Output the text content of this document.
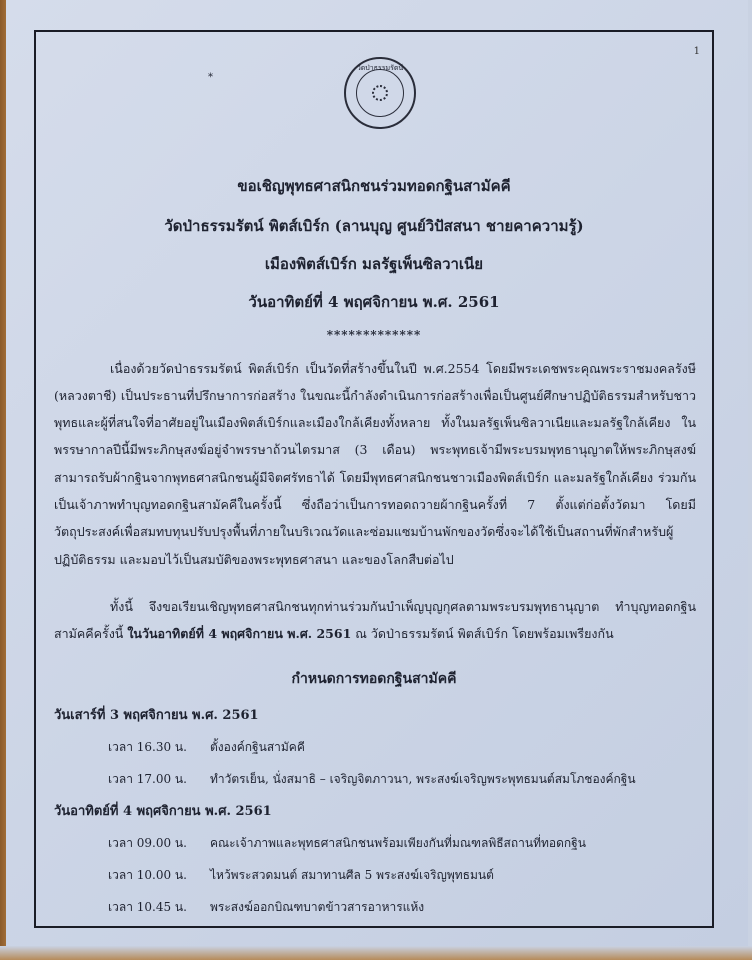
1
*
วัดป่าธรรมรัตน์
ขอเชิญพุทธศาสนิกชนร่วมทอดกฐินสามัคคี
วัดป่าธรรมรัตน์ พิตส์เบิร์ก (ลานบุญ ศูนย์วิปัสสนา ชายคาความรู้)
เมืองพิตส์เบิร์ก มลรัฐเพ็นซิลวาเนีย
วันอาทิตย์ที่ 4 พฤศจิกายน พ.ศ. 2561
*************

เนื่องด้วยวัดป่าธรรมรัตน์ พิตส์เบิร์ก เป็นวัดที่สร้างขึ้นในปี พ.ศ.2554 โดยมีพระเดชพระคุณพระราชมงคลรังษี (หลวงตาชี) เป็นประธานที่ปรึกษาการก่อสร้าง ในขณะนี้กำลังดำเนินการก่อสร้างเพื่อเป็นศูนย์ศึกษาปฏิบัติธรรมสำหรับชาวพุทธและผู้ที่สนใจที่อาศัยอยู่ในเมืองพิตส์เบิร์กและเมืองใกล้เคียงทั้งหลาย ทั้งในมลรัฐเพ็นซิลวาเนียและมลรัฐใกล้เคียง ในพรรษากาลปีนี้มีพระภิกษุสงฆ์อยู่จำพรรษาถ้วนไตรมาส (3 เดือน) พระพุทธเจ้ามีพระบรมพุทธานุญาตให้พระภิกษุสงฆ์สามารถรับผ้ากฐินจากพุทธศาสนิกชนผู้มีจิตศรัทธาได้ โดยมีพุทธศาสนิกชนชาวเมืองพิตส์เบิร์ก และมลรัฐใกล้เคียง ร่วมกันเป็นเจ้าภาพทำบุญทอดกฐินสามัคคีในครั้งนี้ ซึ่งถือว่าเป็นการทอดถวายผ้ากฐินครั้งที่ 7 ตั้งแต่ก่อตั้งวัดมา โดยมีวัตถุประสงค์เพื่อสมทบทุนปรับปรุงพื้นที่ภายในบริเวณวัดและซ่อมแซมบ้านพักของวัดซึ่งจะได้ใช้เป็นสถานที่พักสำหรับผู้ปฏิบัติธรรม และมอบไว้เป็นสมบัติของพระพุทธศาสนา และของโลกสืบต่อไป

ทั้งนี้ จึงขอเรียนเชิญพุทธศาสนิกชนทุกท่านร่วมกันบำเพ็ญบุญกุศลตามพระบรมพุทธานุญาต ทำบุญทอดกฐินสามัคคีครั้งนี้ ในวันอาทิตย์ที่ 4 พฤศจิกายน พ.ศ. 2561 ณ วัดป่าธรรมรัตน์ พิตส์เบิร์ก โดยพร้อมเพรียงกัน

กำหนดการทอดกฐินสามัคคี
วันเสาร์ที่ 3 พฤศจิกายน พ.ศ. 2561
เวลา 16.30 น.	ตั้งองค์กฐินสามัคคี
เวลา 17.00 น.	ทำวัตรเย็น, นั่งสมาธิ – เจริญจิตภาวนา, พระสงฆ์เจริญพระพุทธมนต์สมโภชองค์กฐิน
วันอาทิตย์ที่ 4 พฤศจิกายน พ.ศ. 2561
เวลา 09.00 น.	คณะเจ้าภาพและพุทธศาสนิกชนพร้อมเพียงกันที่มณฑลพิธีสถานที่ทอดกฐิน
เวลา 10.00 น.	ไหว้พระสวดมนต์ สมาทานศีล 5 พระสงฆ์เจริญพุทธมนต์
เวลา 10.45 น.	พระสงฆ์ออกบิณฑบาตข้าวสารอาหารแห้ง
